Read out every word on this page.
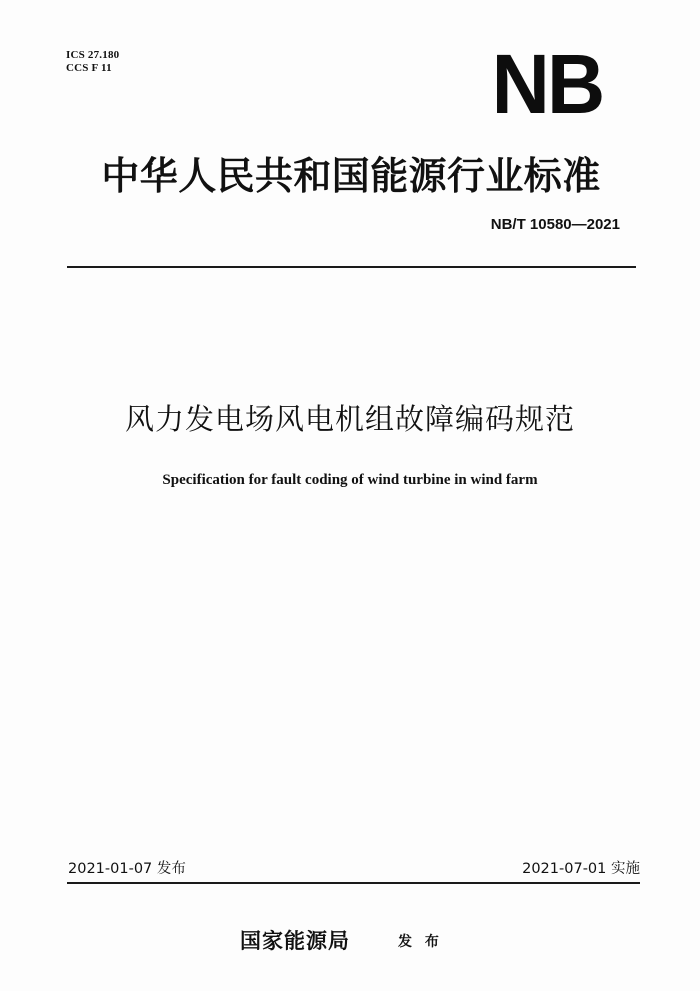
ICS 27.180
CCS F 11	NB
中华人民共和国能源行业标准
NB/T 10580—2021
风力发电场风电机组故障编码规范
Specification for fault coding of wind turbine in wind farm
2021-01-07 发布	2021-07-01 实施
国家能源局	发 布
